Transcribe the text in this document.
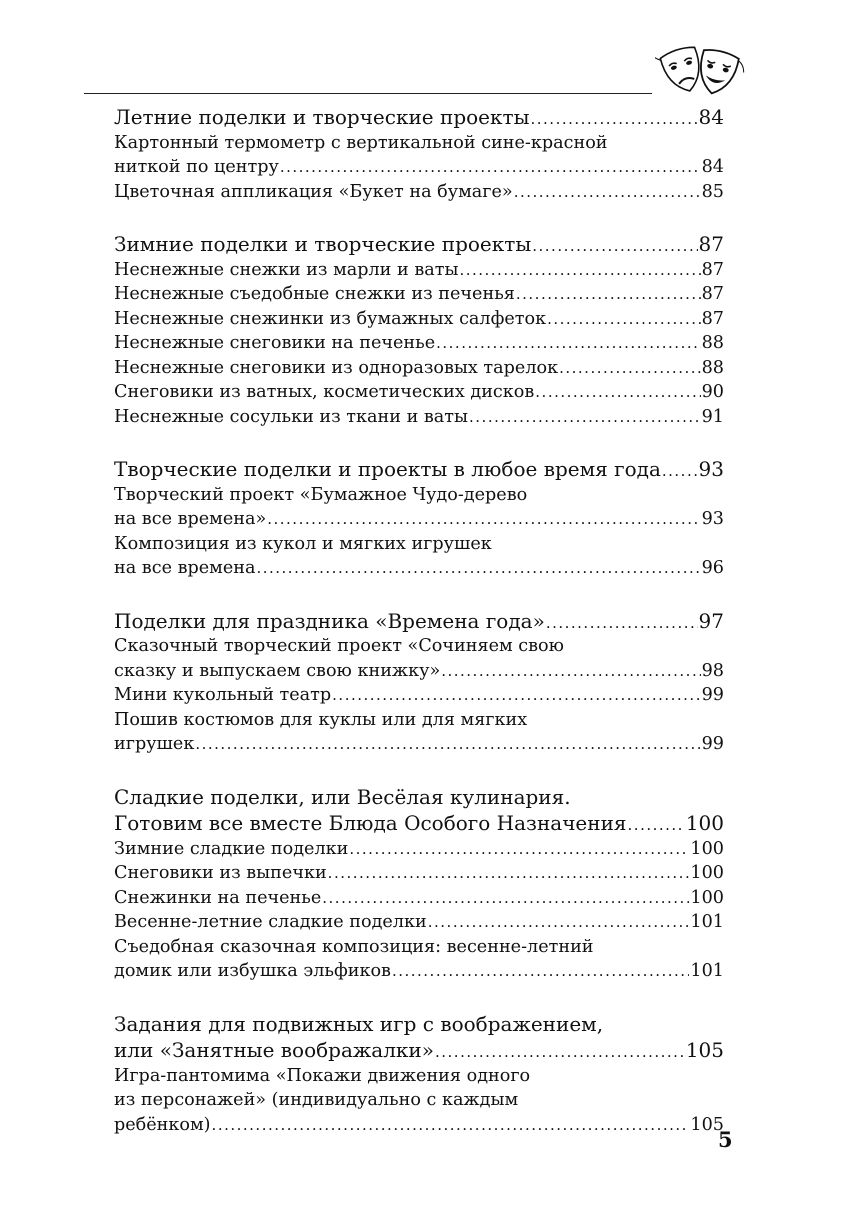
Летние поделки и творческие проекты .....	84
Картонный термометр с вертикальной сине-красной
ниткой по центру .....	84
Цветочная аппликация «Букет на бумаге» .....	85
Зимние поделки и творческие проекты .....	87
Неснежные снежки из марли и ваты .....	87
Неснежные съедобные снежки из печенья .....	87
Неснежные снежинки из бумажных салфеток .....	87
Неснежные снеговики на печенье .....	88
Неснежные снеговики из одноразовых тарелок .....	88
Снеговики из ватных, косметических дисков .....	90
Неснежные сосульки из ткани и ваты .....	91
Творческие поделки и проекты в любое время года ..... 93
Творческий проект «Бумажное Чудо-дерево
на все времена» .....	93
Композиция из кукол и мягких игрушек
на все времена .....	96
Поделки для праздника «Времена года» .....	97
Сказочный творческий проект «Сочиняем свою
сказку и выпускаем свою книжку» .....	98
Мини кукольный театр .....	99
Пошив костюмов для куклы или для мягких
игрушек .....	99
Сладкие поделки, или Весёлая кулинария.
Готовим все вместе Блюда Особого Назначения .....	100
Зимние сладкие поделки .....	100
Снеговики из выпечки .....	100
Снежинки на печенье .....	100
Весенне-летние сладкие поделки .....	101
Съедобная сказочная композиция: весенне-летний
домик или избушка эльфиков .....	101
Задания для подвижных игр с воображением,
или «Занятные воображалки» .....	105
Игра-пантомима «Покажи движения одного
из персонажей» (индивидуально с каждым
ребёнком) .....	105
5
